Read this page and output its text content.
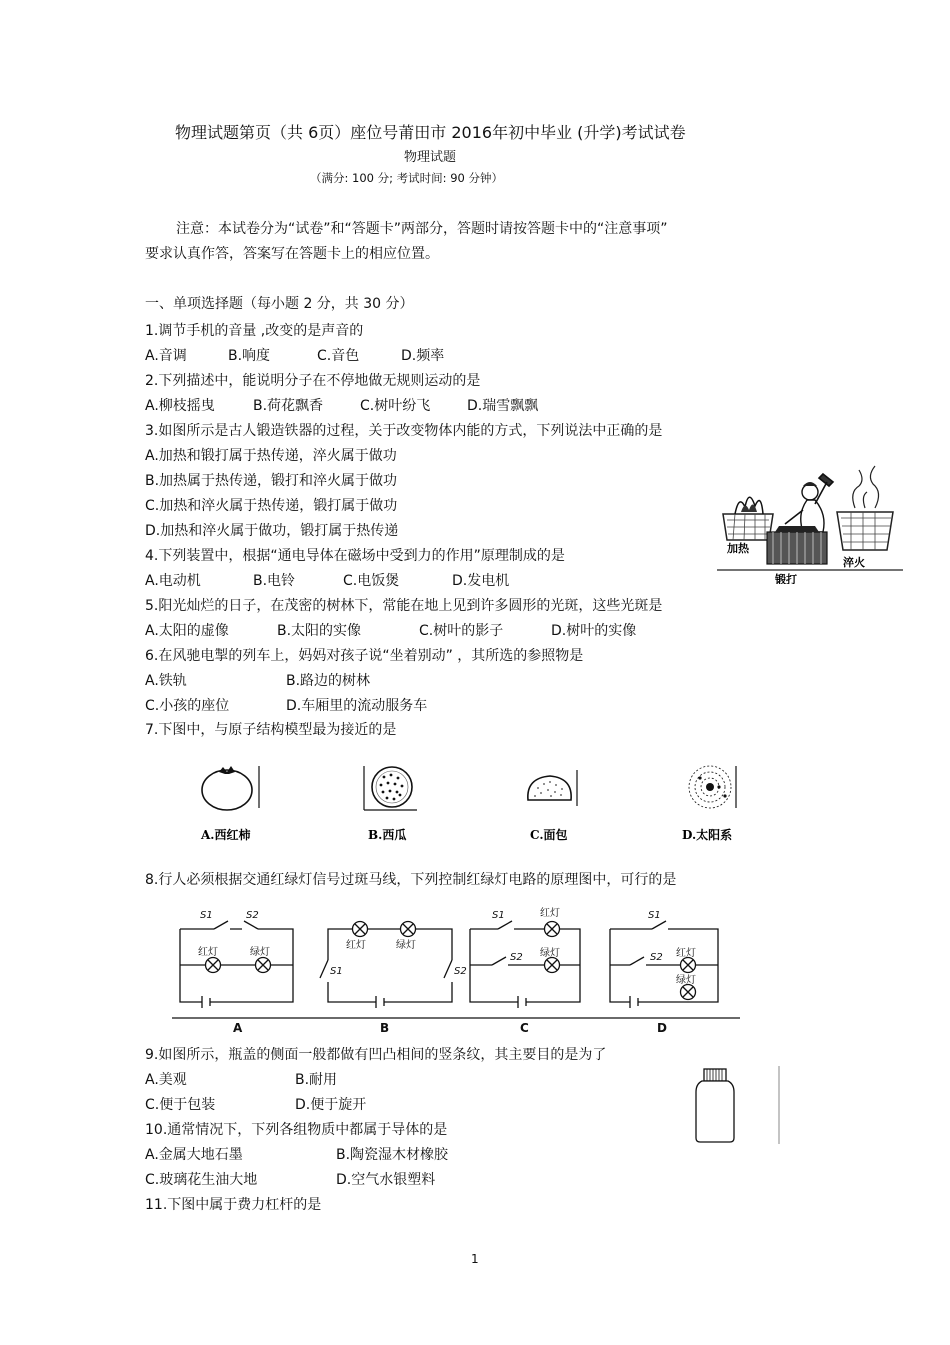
物理试题第页（共 6页）座位号莆田市 2016年初中毕业 (升学)考试试卷
物理试题
（满分: 100 分; 考试时间: 90 分钟）
注意：本试卷分为“试卷”和“答题卡”两部分，答题时请按答题卡中的“注意事项”
要求认真作答，答案写在答题卡上的相应位置。
一、单项选择题（每小题 2 分，共 30 分）
1.调节手机的音量 ,改变的是声音的
A.音调	B.响度	C.音色	D.频率
2.下列描述中，能说明分子在不停地做无规则运动的是
A.柳枝摇曳	B.荷花飘香	C.树叶纷飞	D.瑞雪飘飘
3.如图所示是古人锻造铁器的过程，关于改变物体内能的方式，下列说法中正确的是
A.加热和锻打属于热传递，淬火属于做功
B.加热属于热传递，锻打和淬火属于做功
C.加热和淬火属于热传递，锻打属于做功
D.加热和淬火属于做功，锻打属于热传递
加热
淬火
锻打
4.下列装置中，根据“通电导体在磁场中受到力的作用”原理制成的是
A.电动机	B.电铃	C.电饭煲	D.发电机
5.阳光灿烂的日子，在茂密的树林下，常能在地上见到许多圆形的光斑，这些光斑是
A.太阳的虚像	B.太阳的实像	C.树叶的影子	D.树叶的实像
6.在风驰电掣的列车上，妈妈对孩子说“坐着别动” ，其所选的参照物是
A.铁轨	B.路边的树林
C.小孩的座位	D.车厢里的流动服务车
7.下图中，与原子结构模型最为接近的是
A.西红柿	B.西瓜	C.面包	D.太阳系
8.行人必须根据交通红绿灯信号过斑马线，下列控制红绿灯电路的原理图中，可行的是
红灯	绿灯
S1	S2
红灯	绿灯
S1	S2
红灯
绿灯
S1
S2	红灯
绿灯
S1
S2
A	B	C	D
9.如图所示，瓶盖的侧面一般都做有凹凸相间的竖条纹，其主要目的是为了
A.美观	B.耐用
C.便于包装	D.便于旋开
10.通常情况下，下列各组物质中都属于导体的是
A.金属大地石墨	B.陶瓷湿木材橡胶
C.玻璃花生油大地	D.空气水银塑料
11.下图中属于费力杠杆的是
1
